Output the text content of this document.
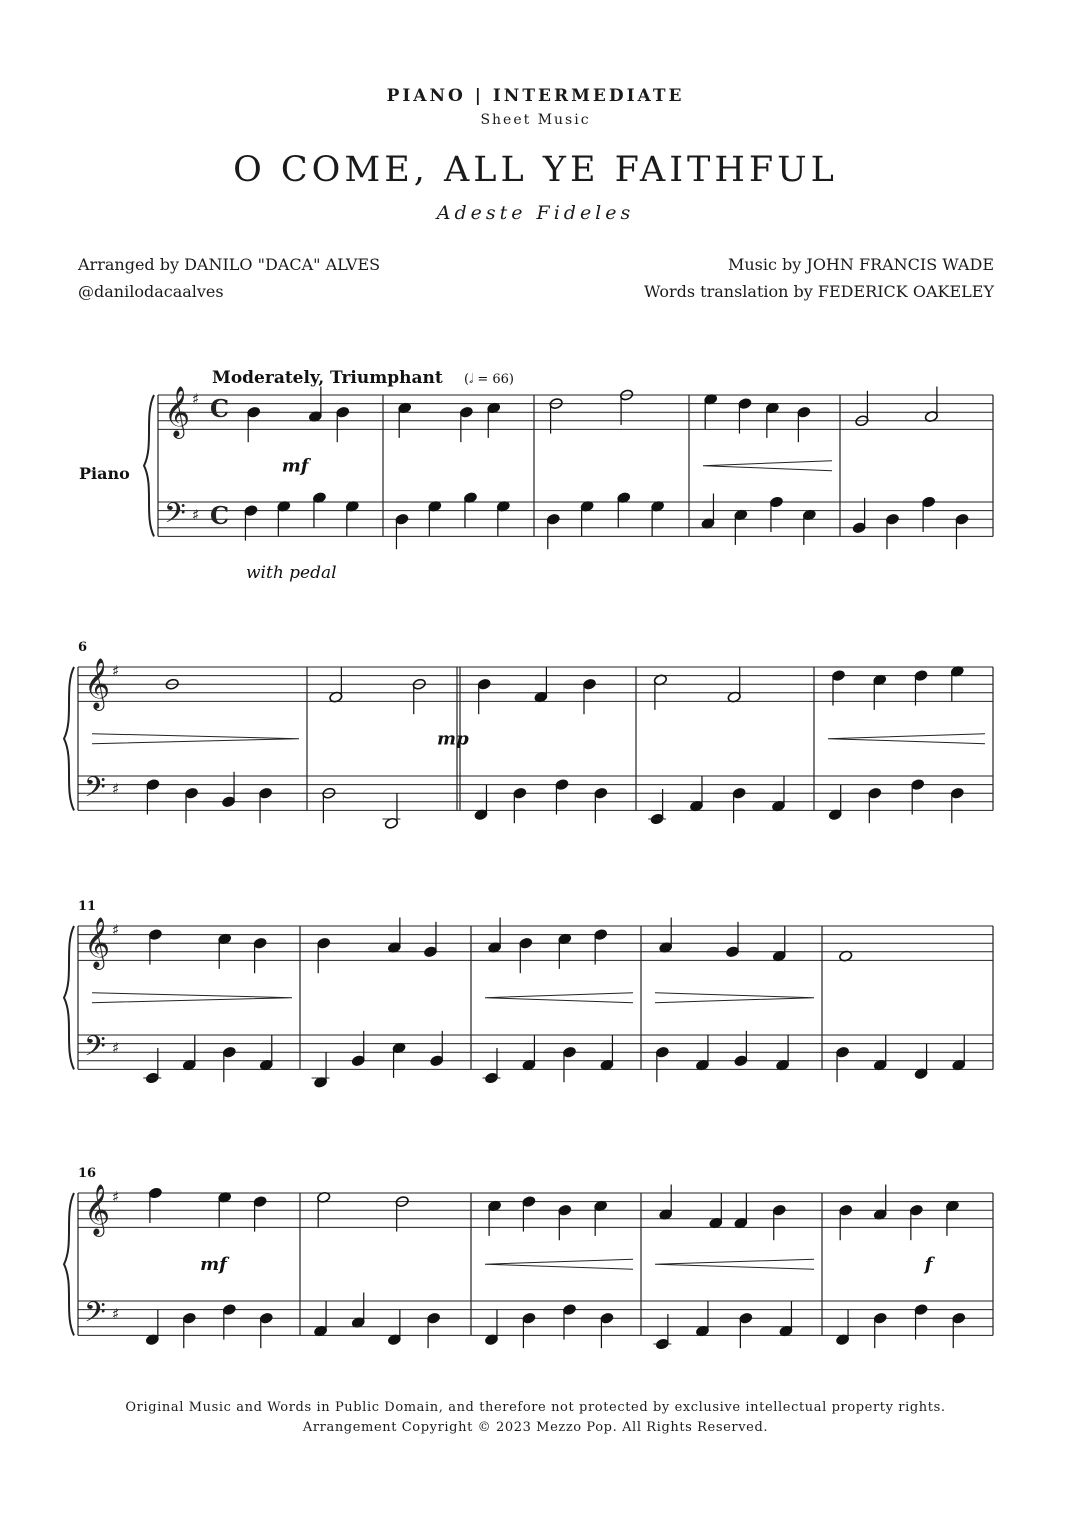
PIANO | INTERMEDIATE
Sheet Music
O COME, ALL YE FAITHFUL
Adeste Fideles
Arranged by DANILO "DACA" ALVES
@danilodacaalves
Music by JOHN FRANCIS WADE
Words translation by FEDERICK OAKELEY
Moderately, Triumphant (𝅗𝅥 = 66)
Piano
with pedal
𝄞
𝄢
♯
♯
C
C
𝄞
𝄢
♯
♯
6
𝄞
𝄢
♯
♯
11
𝄞
𝄢
♯
♯
16
mf
mp
mf	f
Original Music and Words in Public Domain, and therefore not protected by exclusive intellectual property rights.
Arrangement Copyright © 2023 Mezzo Pop. All Rights Reserved.
